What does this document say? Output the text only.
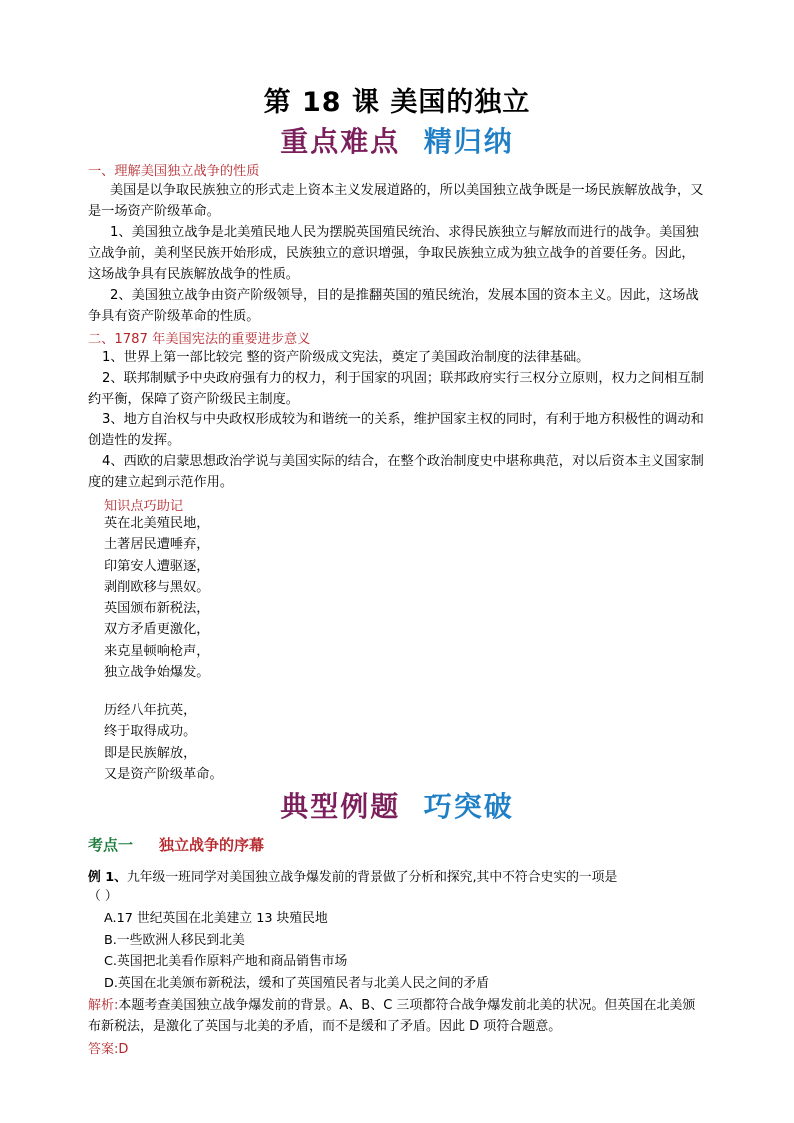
第 18 课 美国的独立
重点难点 精归纳
一、理解美国独立战争的性质

美国是以争取民族独立的形式走上资本主义发展道路的，所以美国独立战争既是一场民族解放战争，又是一场资产阶级革命。

1、美国独立战争是北美殖民地人民为摆脱英国殖民统治、求得民族独立与解放而进行的战争。美国独立战争前，美利坚民族开始形成，民族独立的意识增强，争取民族独立成为独立战争的首要任务。因此，这场战争具有民族解放战争的性质。

2、美国独立战争由资产阶级领导，目的是推翻英国的殖民统治，发展本国的资本主义。因此，这场战争具有资产阶级革命的性质。

二、1787 年美国宪法的重要进步意义

1、世界上第一部比较完 整的资产阶级成文宪法，奠定了美国政治制度的法律基础。

2、联邦制赋予中央政府强有力的权力，利于国家的巩固；联邦政府实行三权分立原则，权力之间相互制约平衡，保障了资产阶级民主制度。

3、地方自治权与中央政权形成较为和谐统一的关系，维护国家主权的同时，有利于地方积极性的调动和创造性的发挥。

4、西欧的启蒙思想政治学说与美国实际的结合，在整个政治制度史中堪称典范，对以后资本主义国家制度的建立起到示范作用。

知识点巧助记
英在北美殖民地，
土著居民遭唾弃，
印第安人遭驱逐，
剥削欧移与黑奴。
英国颁布新税法，
双方矛盾更激化，
来克星顿响枪声，
独立战争始爆发。
历经八年抗英，
终于取得成功。
即是民族解放，
又是资产阶级革命。
典型例题 巧突破
考点一 独立战争的序幕
例 1、九年级一班同学对美国独立战争爆发前的背景做了分析和探究,其中不符合史实的一项是
（ ）
A.17 世纪英国在北美建立 13 块殖民地
B.一些欧洲人移民到北美
C.英国把北美看作原料产地和商品销售市场
D.英国在北美颁布新税法，缓和了英国殖民者与北美人民之间的矛盾
解析:本题考查美国独立战争爆发前的背景。A、B、C 三项都符合战争爆发前北美的状况。但英国在北美颁布新税法，是激化了英国与北美的矛盾，而不是缓和了矛盾。因此 D 项符合题意。
答案:D
